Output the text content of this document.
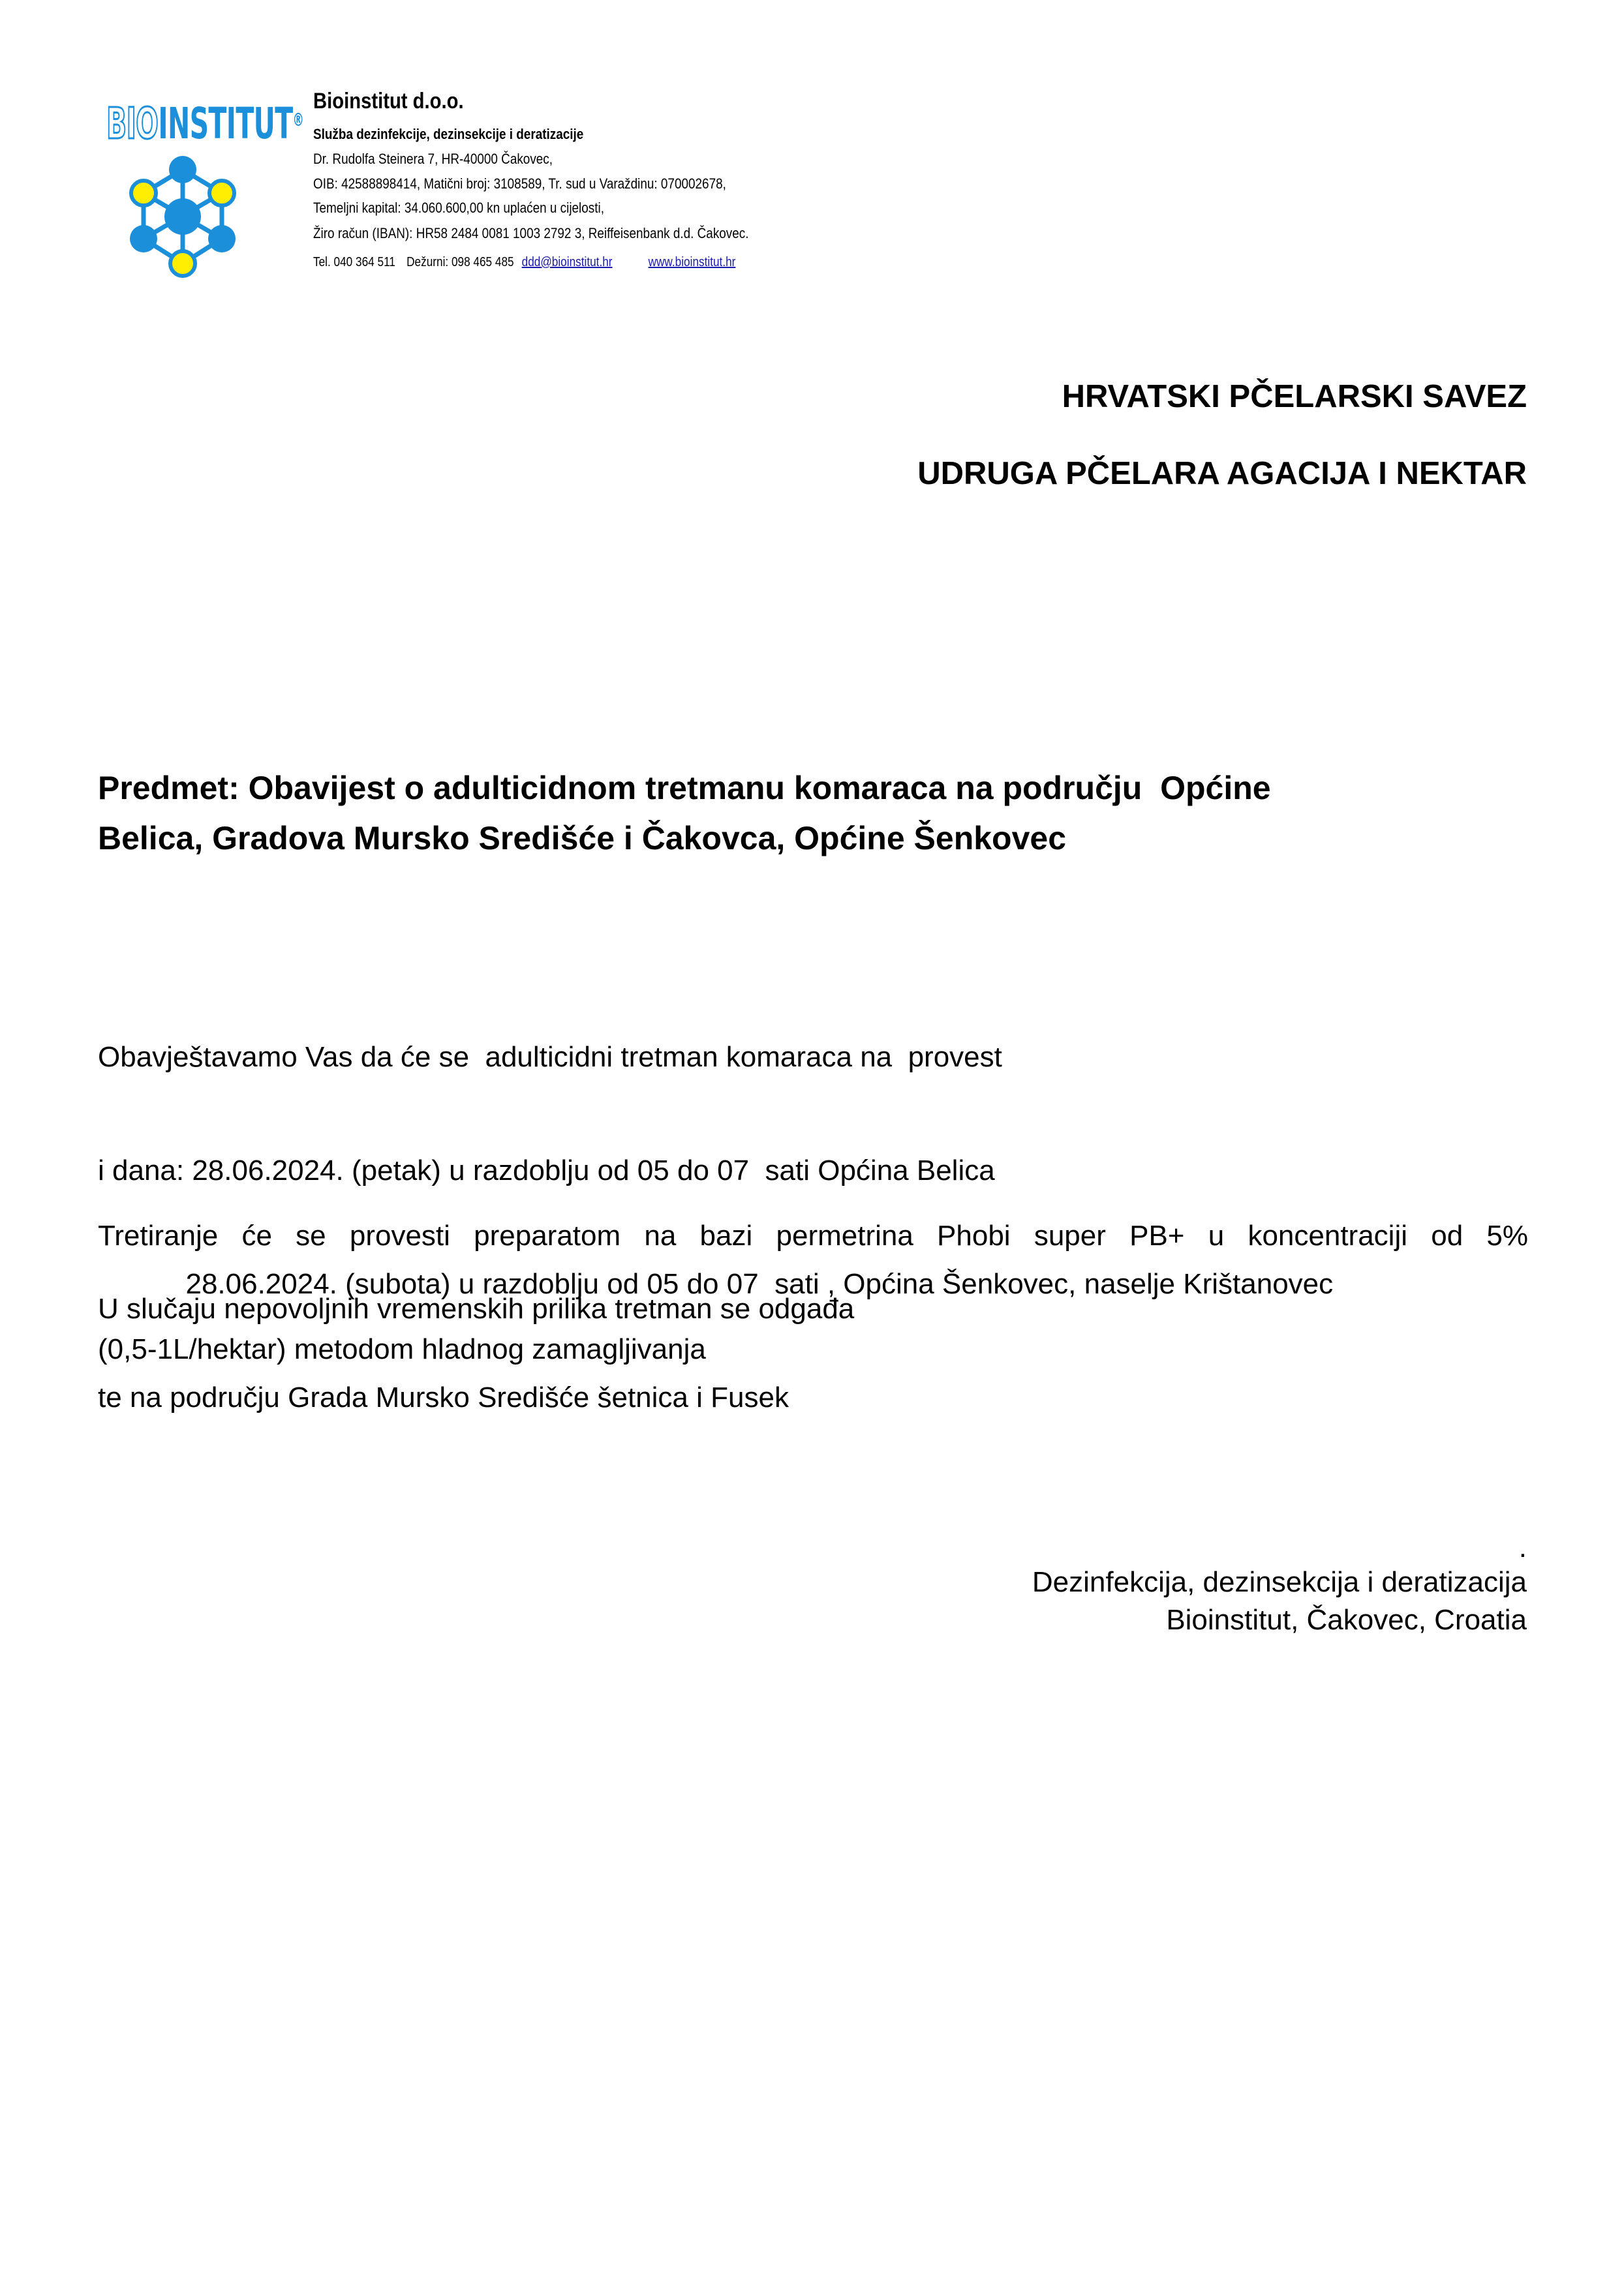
BIOINSTITUT®
Bioinstitut d.o.o.
Služba dezinfekcije, dezinsekcije i deratizacije
Dr. Rudolfa Steinera 7, HR-40000 Čakovec,
OIB: 42588898414, Matični broj: 3108589, Tr. sud u Varaždinu: 070002678,
Temeljni kapital: 34.060.600,00 kn uplaćen u cijelosti,
Žiro račun (IBAN): HR58 2484 0081 1003 2792 3, Reiffeisenbank d.d. Čakovec.
Tel. 040 364 511 Dežurni: 098 465 485 ddd@bioinstitut.hr	www.bioinstitut.hr
HRVATSKI PČELARSKI SAVEZ
UDRUGA PČELARA AGACIJA I NEKTAR
Predmet: Obavijest o adulticidnom tretmanu komaraca na području  Općine
Belica, Gradova Mursko Središće i Čakovca, Općine Šenkovec

Obavještavamo Vas da će se  adulticidni tretman komaraca na  provest

i dana: 28.06.2024. (petak) u razdoblju od 05 do 07  sati Općina Belica

28.06.2024. (subota) u razdoblju od 05 do 07  sati , Općina Šenkovec, naselje Krištanovec

te na području Grada Mursko Središće šetnica i Fusek

Tretiranje će se provesti preparatom na bazi permetrina Phobi super PB+ u koncentraciji od 5%

(0,5-1L/hektar) metodom hladnog zamagljivanja

U slučaju nepovoljnih vremenskih prilika tretman se odgađa
.
Dezinfekcija, dezinsekcija i deratizacija
Bioinstitut, Čakovec, Croatia
